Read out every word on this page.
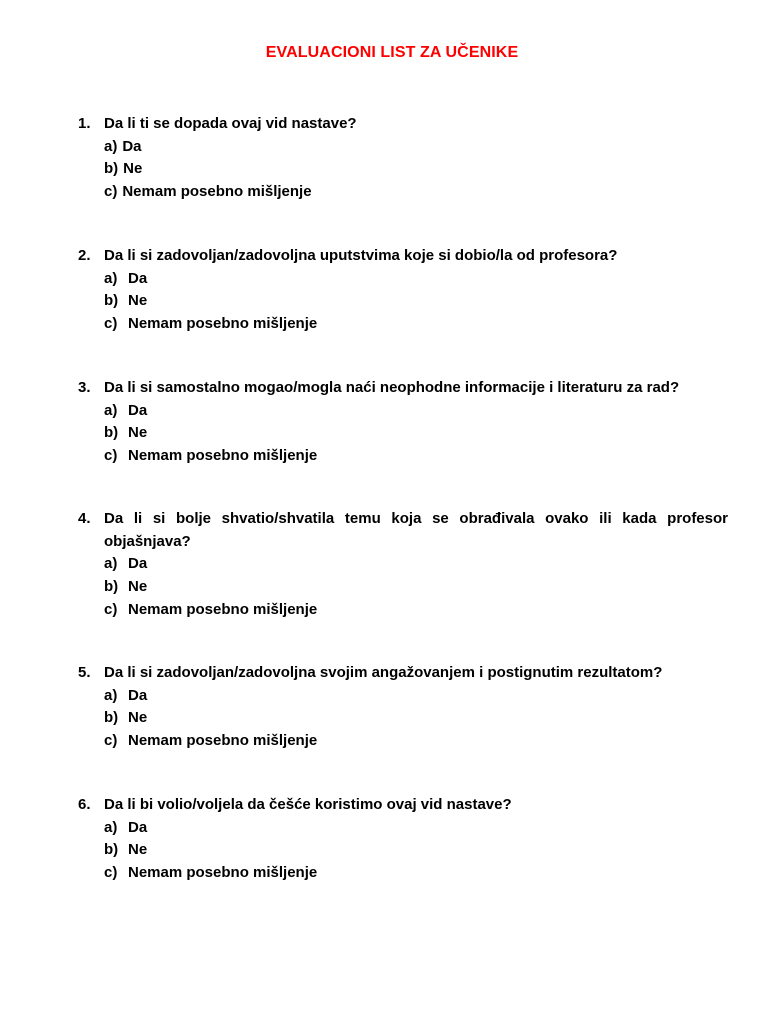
EVALUACIONI LIST ZA UČENIKE
1. Da li ti se dopada ovaj vid nastave?
a) Da
b) Ne
c) Nemam posebno mišljenje
2. Da li si zadovoljan/zadovoljna uputstvima koje si dobio/la od profesora?
a) Da
b) Ne
c) Nemam posebno mišljenje
3. Da li si samostalno mogao/mogla naći neophodne informacije i literaturu za rad?
a) Da
b) Ne
c) Nemam posebno mišljenje
4. Da li si bolje shvatio/shvatila temu koja se obrađivala ovako ili kada profesor objašnjava?
a) Da
b) Ne
c) Nemam posebno mišljenje
5. Da li si zadovoljan/zadovoljna svojim angažovanjem i postignutim rezultatom?
a) Da
b) Ne
c) Nemam posebno mišljenje
6. Da li bi volio/voljela da češće koristimo ovaj vid nastave?
a) Da
b) Ne
c) Nemam posebno mišljenje
